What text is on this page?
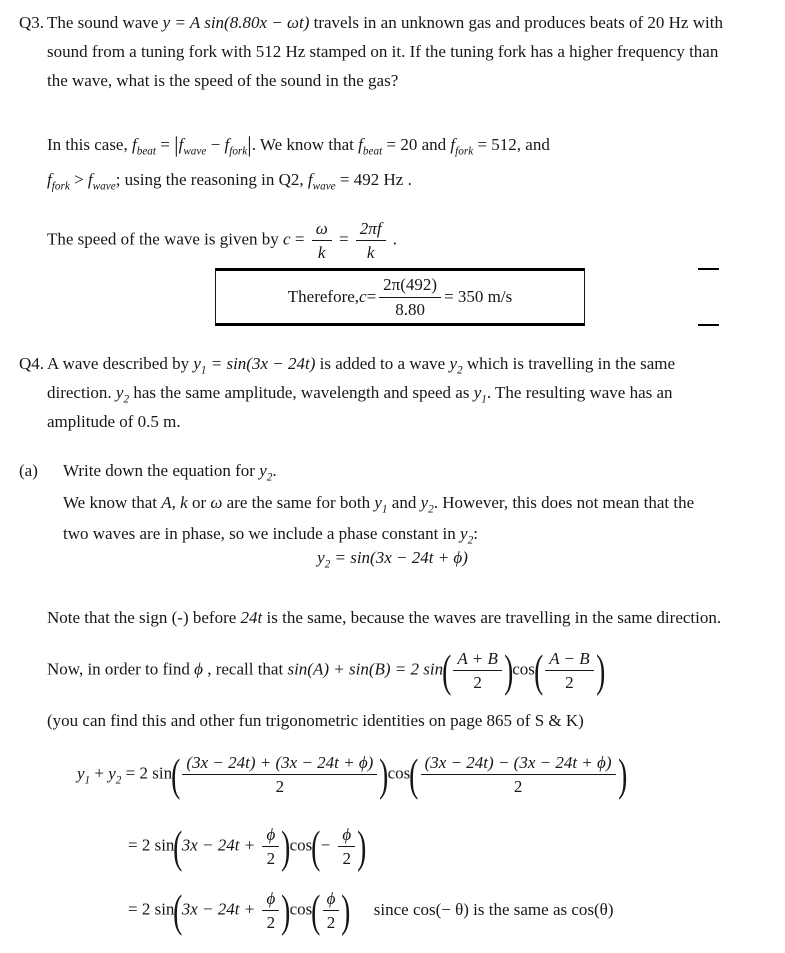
Q3. The sound wave y = A sin(8.80x − ωt) travels in an unknown gas and produces beats of 20 Hz with sound from a tuning fork with 512 Hz stamped on it. If the tuning fork has a higher frequency than the wave, what is the speed of the sound in the gas?
In this case, $f_{beat} = |f_{wave} - f_{fork}|$. We know that $f_{beat} = 20$ and $f_{fork} = 512$, and
$f_{fork} > f_{wave}$; using the reasoning in Q2, $f_{wave} = 492$ Hz .
The speed of the wave is given by $c = \frac{\omega}{k} = \frac{2\pi f}{k}$ .
Therefore, $c = \frac{2\pi(492)}{8.80} = 350$ m/s
Q4. A wave described by $y_1 = \sin(3x - 24t)$ is added to a wave $y_2$ which is travelling in the same direction. $y_2$ has the same amplitude, wavelength and speed as $y_1$. The resulting wave has an amplitude of 0.5 m.
(a) Write down the equation for $y_2$.
We know that A, k or ω are the same for both $y_1$ and $y_2$. However, this does not mean that the two waves are in phase, so we include a phase constant in $y_2$:
$y_2 = \sin(3x - 24t + \phi)$
Note that the sign (-) before 24t is the same, because the waves are travelling in the same direction.
Now, in order to find ϕ , recall that sin(A) + sin(B) = 2 $\sin( \frac{A + B}{2} )\cos( \frac{A - B}{2}$ )
(you can find this and other fun trigonometric identities on page 865 of S & K)
$y_1 + y_2 = 2$ $\sin( \frac{(3x - 24t) + (3x - 24t + \phi)}{2} )\cos( \frac{(3x - 24t) - (3x - 24t + \phi)}{2}$ )
= 2 $\sin(3x - 24t + \frac{\phi}{2} )\cos(- \frac{\phi}{2}$ )
= 2 $\sin(3x - 24t + \frac{\phi}{2} )\cos( \frac{\phi}{2}$ ) since cos(− θ) is the same as cos(θ)
